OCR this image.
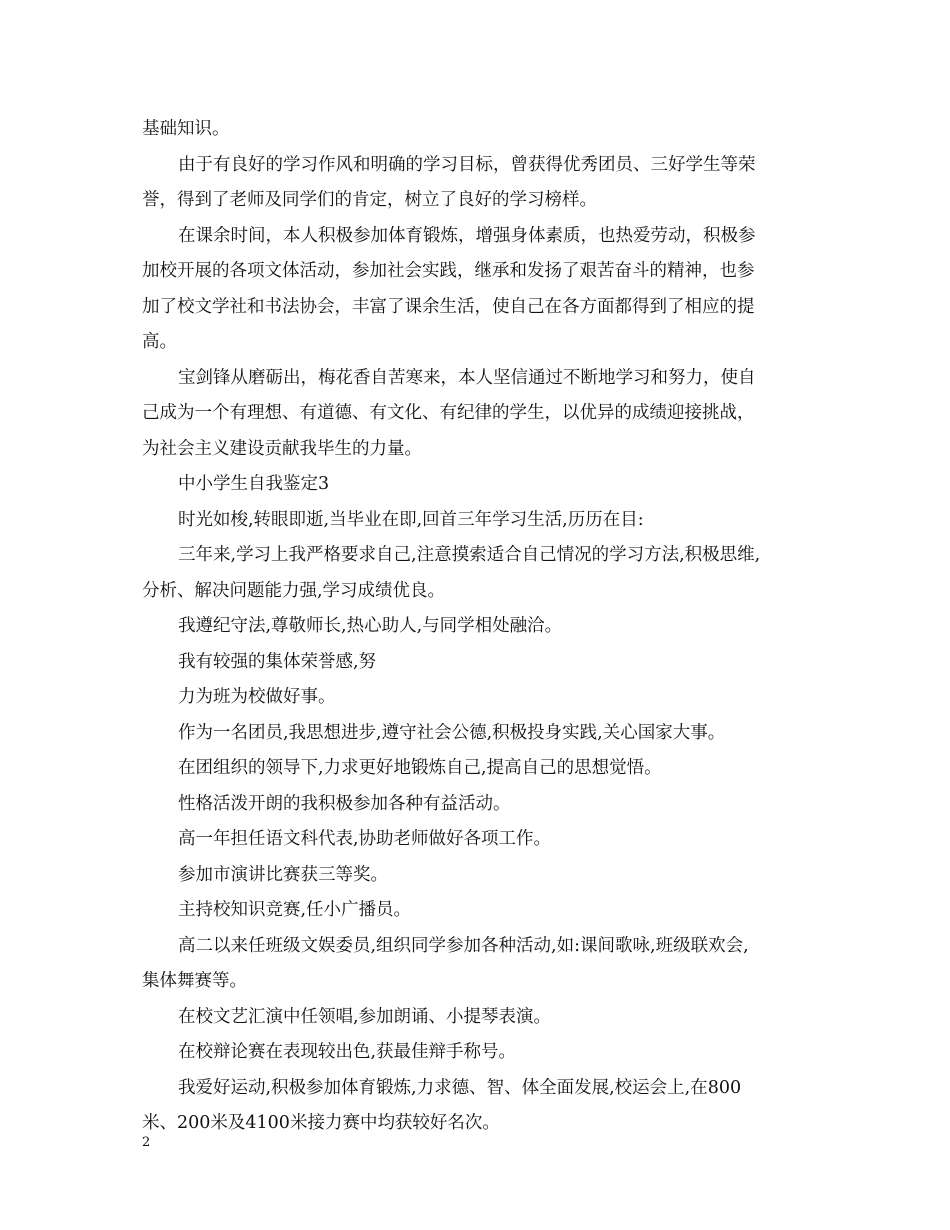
基础知识。
由于有良好的学习作风和明确的学习目标，曾获得优秀团员、三好学生等荣
誉，得到了老师及同学们的肯定，树立了良好的学习榜样。
在课余时间，本人积极参加体育锻炼，增强身体素质，也热爱劳动，积极参
加校开展的各项文体活动，参加社会实践，继承和发扬了艰苦奋斗的精神，也参
加了校文学社和书法协会，丰富了课余生活，使自己在各方面都得到了相应的提
高。
宝剑锋从磨砺出，梅花香自苦寒来，本人坚信通过不断地学习和努力，使自
己成为一个有理想、有道德、有文化、有纪律的学生，以优异的成绩迎接挑战，
为社会主义建设贡献我毕生的力量。
中小学生自我鉴定3
时光如梭,转眼即逝,当毕业在即,回首三年学习生活,历历在目:
三年来,学习上我严格要求自己,注意摸索适合自己情况的学习方法,积极思维,
分析、解决问题能力强,学习成绩优良。
我遵纪守法,尊敬师长,热心助人,与同学相处融洽。
我有较强的集体荣誉感,努
力为班为校做好事。
作为一名团员,我思想进步,遵守社会公德,积极投身实践,关心国家大事。
在团组织的领导下,力求更好地锻炼自己,提高自己的思想觉悟。
性格活泼开朗的我积极参加各种有益活动。
高一年担任语文科代表,协助老师做好各项工作。
参加市演讲比赛获三等奖。
主持校知识竞赛,任小广播员。
高二以来任班级文娱委员,组织同学参加各种活动,如:课间歌咏,班级联欢会,
集体舞赛等。
在校文艺汇演中任领唱,参加朗诵、小提琴表演。
在校辩论赛在表现较出色,获最佳辩手称号。
我爱好运动,积极参加体育锻炼,力求德、智、体全面发展,校运会上,在800
米、200米及4100米接力赛中均获较好名次。
2
